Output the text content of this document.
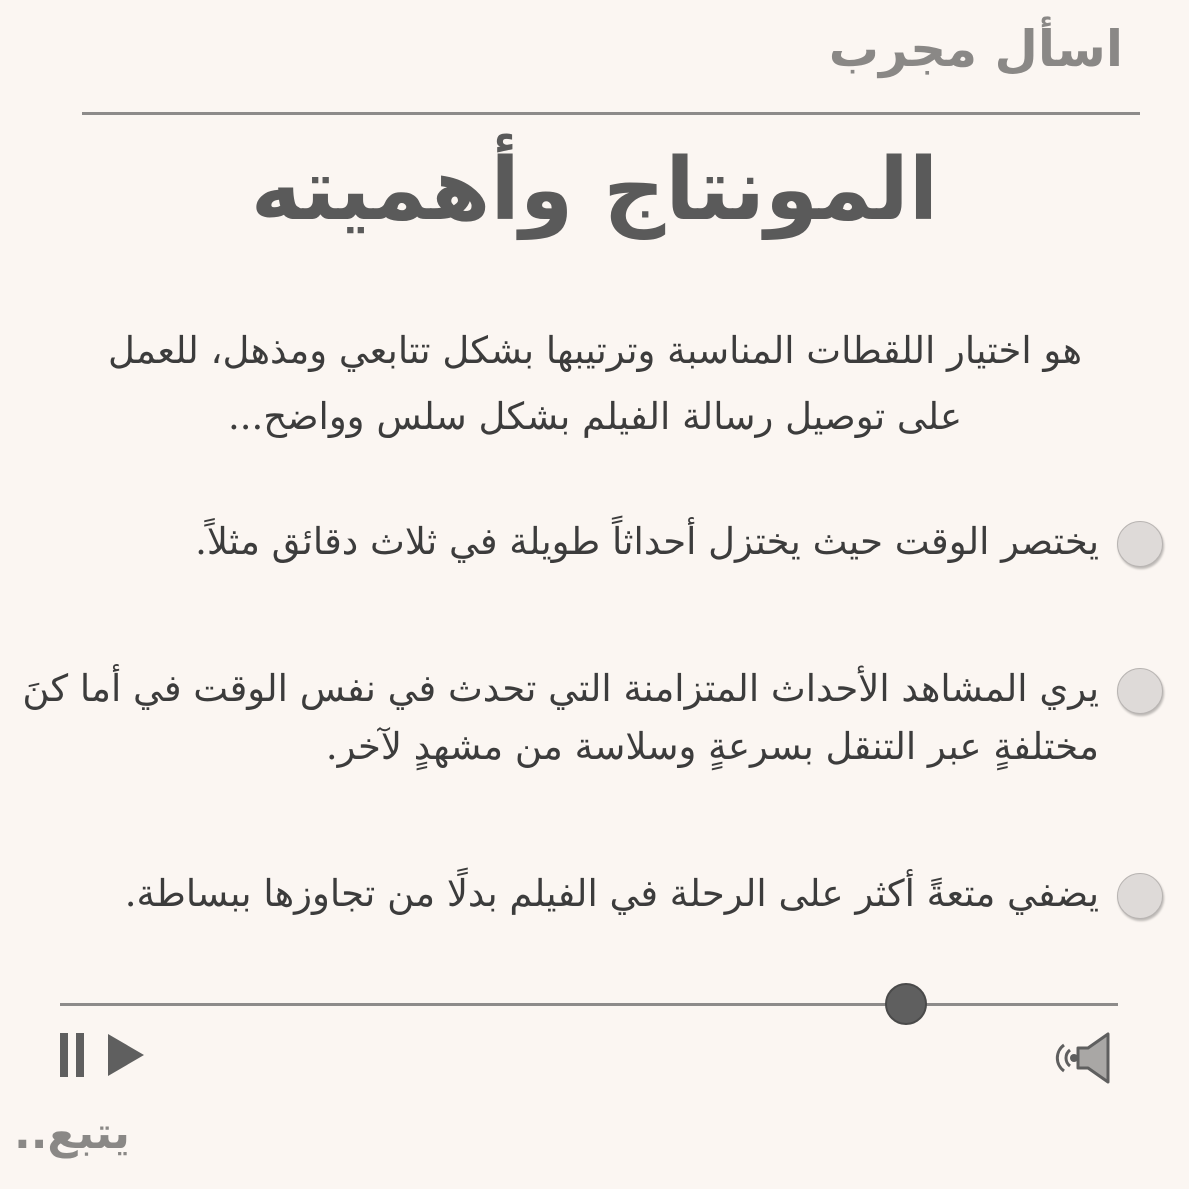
اسأل مجرب
المونتاج وأهميته
هو اختيار اللقطات المناسبة وترتيبها بشكل تتابعي ومذهل، للعمل
على توصيل رسالة الفيلم بشكل سلس وواضح...
يختصر الوقت حيث يختزل أحداثاً طويلة في ثلاث دقائق مثلاً.
يري المشاهد الأحداث المتزامنة التي تحدث في نفس الوقت في أما كنَ مختلفةٍ عبر التنقل بسرعةٍ وسلاسة من مشهدٍ لآخر.
يضفي متعةً أكثر على الرحلة في الفيلم بدلًا من تجاوزها ببساطة.
يتبع..
